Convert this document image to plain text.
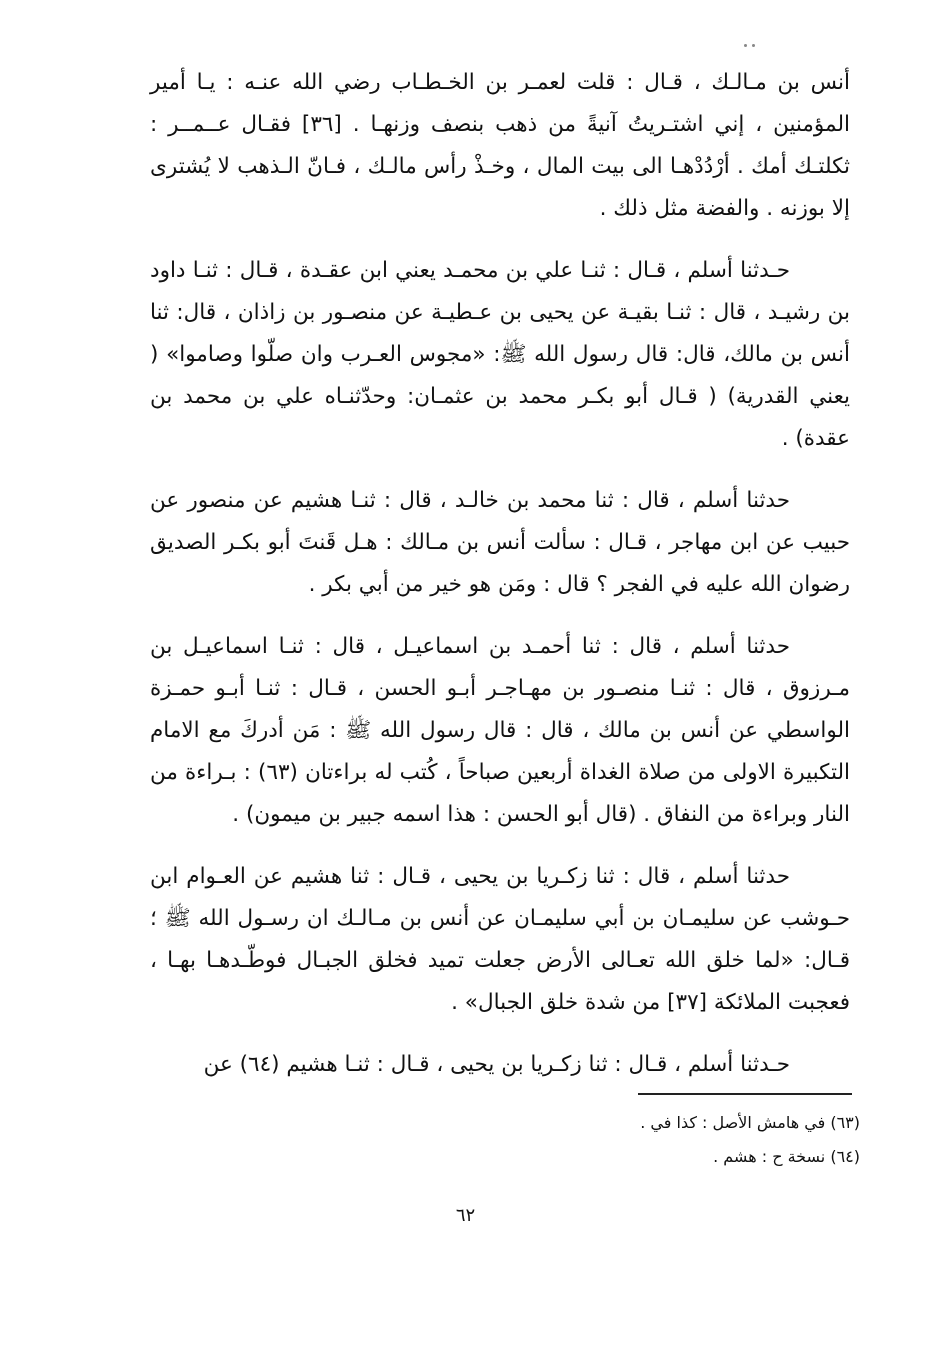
أنس بن مـالـك ، قـال : قلت لعمـر بن الخـطـاب رضي الله عنـه : يـا أمير المؤمنين ، إني اشتـريتُ آنيةً من ذهب بنصف وزنهـا . [٣٦] فقـال عــمــر : ثكلتـك أمك . أرْدُدْهـا الى بيت المال ، وخـذْ رأس مالـك ، فـانّ الـذهب لا يُشترى إلا بوزنه . والفضة مثل ذلك .

حـدثنا أسلم ، قـال : ثنـا علي بن محمـد يعني ابن عقـدة ، قـال : ثنـا داود بن رشيـد ، قال : ثنـا بقيـة عن يحيى بن عـطيـة عن منصـور بن زاذان ، قال: ثنا أنس بن مالك، قال: قال رسول الله ﷺ: «مجوس العـرب وان صلّوا وصاموا» ( يعني القدرية) ( قـال أبو بكـر محمد بن عثمـان: وحدّثنـاه علي بن محمد بن عقدة) .

حدثنا أسلم ، قال : ثنا محمد بن خالـد ، قال : ثنـا هشيم عن منصور عن حبيب عن ابن مهاجر ، قـال : سألت أنس بن مـالك : هـل قَنتَ أبو بكـر الصديق رضوان الله عليه في الفجر ؟ قال : ومَن هو خير من أبي بكر .

حدثنا أسلم ، قال : ثنا أحمـد بن اسماعيـل ، قال : ثنـا اسماعيـل بن مـرزوق ، قال : ثنـا منصـور بن مهـاجـر أبـو الحسن ، قـال : ثنـا أبـو حمـزة الواسطي عن أنس بن مالك ، قال : قال رسول الله ﷺ : مَن أدركَ مع الامام التكبيرة الاولى من صلاة الغداة أربعين صباحاً ، كُتب له براءتان (٦٣) : بـراءة من النار وبراءة من النفاق . (قال أبو الحسن : هذا اسمه جبير بن ميمون) .

حدثنا أسلم ، قال : ثنا زكـريا بن يحيى ، قـال : ثنا هشيم عن العـوام ابن حـوشب عن سليمـان بن أبي سليمـان عن أنس بن مـالـك ان رسـول الله ﷺ ؛ قـال: «لما خلق الله تعـالى الأرض جعلت تميد فخلق الجبـال فوطّـدهـا بهـا ، فعجبت الملائكة [٣٧] من شدة خلق الجبال» .

حـدثنا أسلم ، قـال : ثنا زكـريا بن يحيى ، قـال : ثنـا هشيم (٦٤) عن

(٦٣) في هامش الأصل : كذا في .

(٦٤) نسخة ح : هشم .

٦٢
